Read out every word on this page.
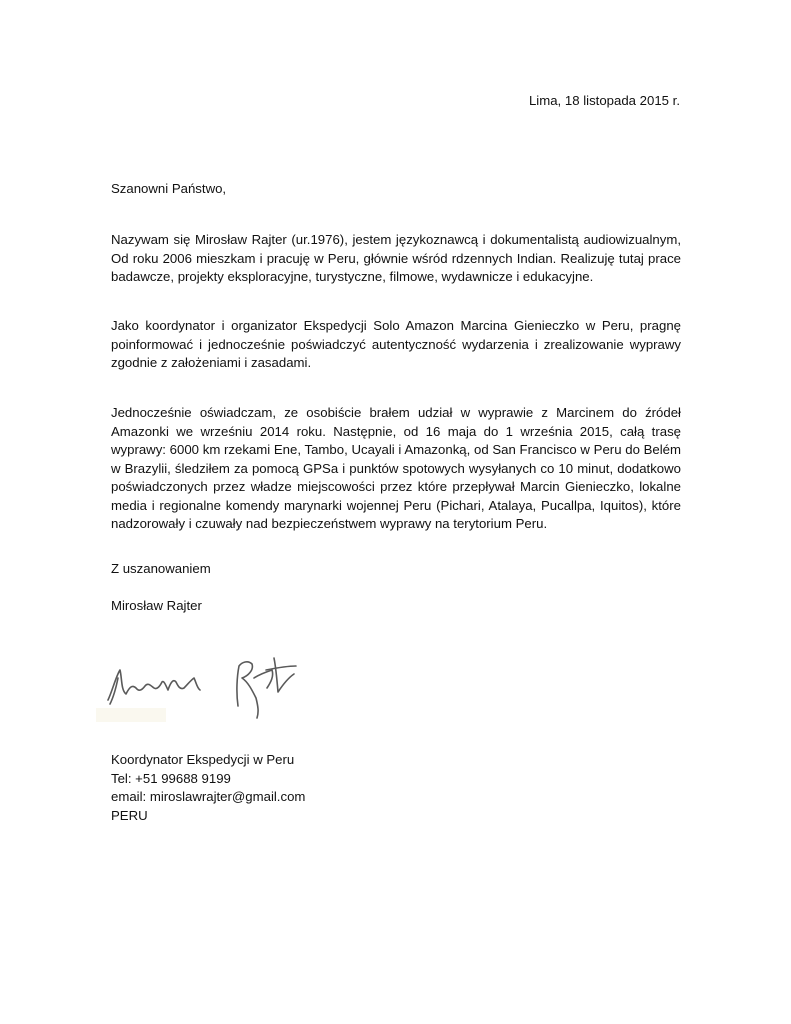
Lima, 18 listopada 2015 r.
Szanowni Państwo,
Nazywam się Mirosław Rajter (ur.1976), jestem językoznawcą i dokumentalistą audiowizualnym, Od roku 2006 mieszkam i pracuję w Peru, głównie wśród rdzennych Indian. Realizuję tutaj prace badawcze, projekty eksploracyjne, turystyczne, filmowe, wydawnicze i edukacyjne.
Jako koordynator i organizator Ekspedycji Solo Amazon Marcina Gienieczko w Peru, pragnę poinformować i jednocześnie poświadczyć autentyczność wydarzenia i zrealizowanie wyprawy zgodnie z założeniami i zasadami.
Jednocześnie oświadczam, ze osobiście brałem udział w wyprawie z Marcinem do źródeł Amazonki we wrześniu 2014 roku. Następnie, od 16 maja do 1 września 2015, całą trasę wyprawy: 6000 km rzekami Ene, Tambo, Ucayali i Amazonką, od San Francisco w Peru do Belém w Brazylii, śledziłem za pomocą GPSa i punktów spotowych wysyłanych co 10 minut, dodatkowo poświadczonych przez władze miejscowości przez które przepływał Marcin Gienieczko, lokalne media i regionalne komendy marynarki wojennej Peru (Pichari, Atalaya, Pucallpa, Iquitos), które nadzorowały i czuwały nad bezpieczeństwem wyprawy na terytorium Peru.
Z uszanowaniem
Mirosław Rajter
Koordynator Ekspedycji w Peru
Tel: +51 99688 9199
email: miroslawrajter@gmail.com
PERU
